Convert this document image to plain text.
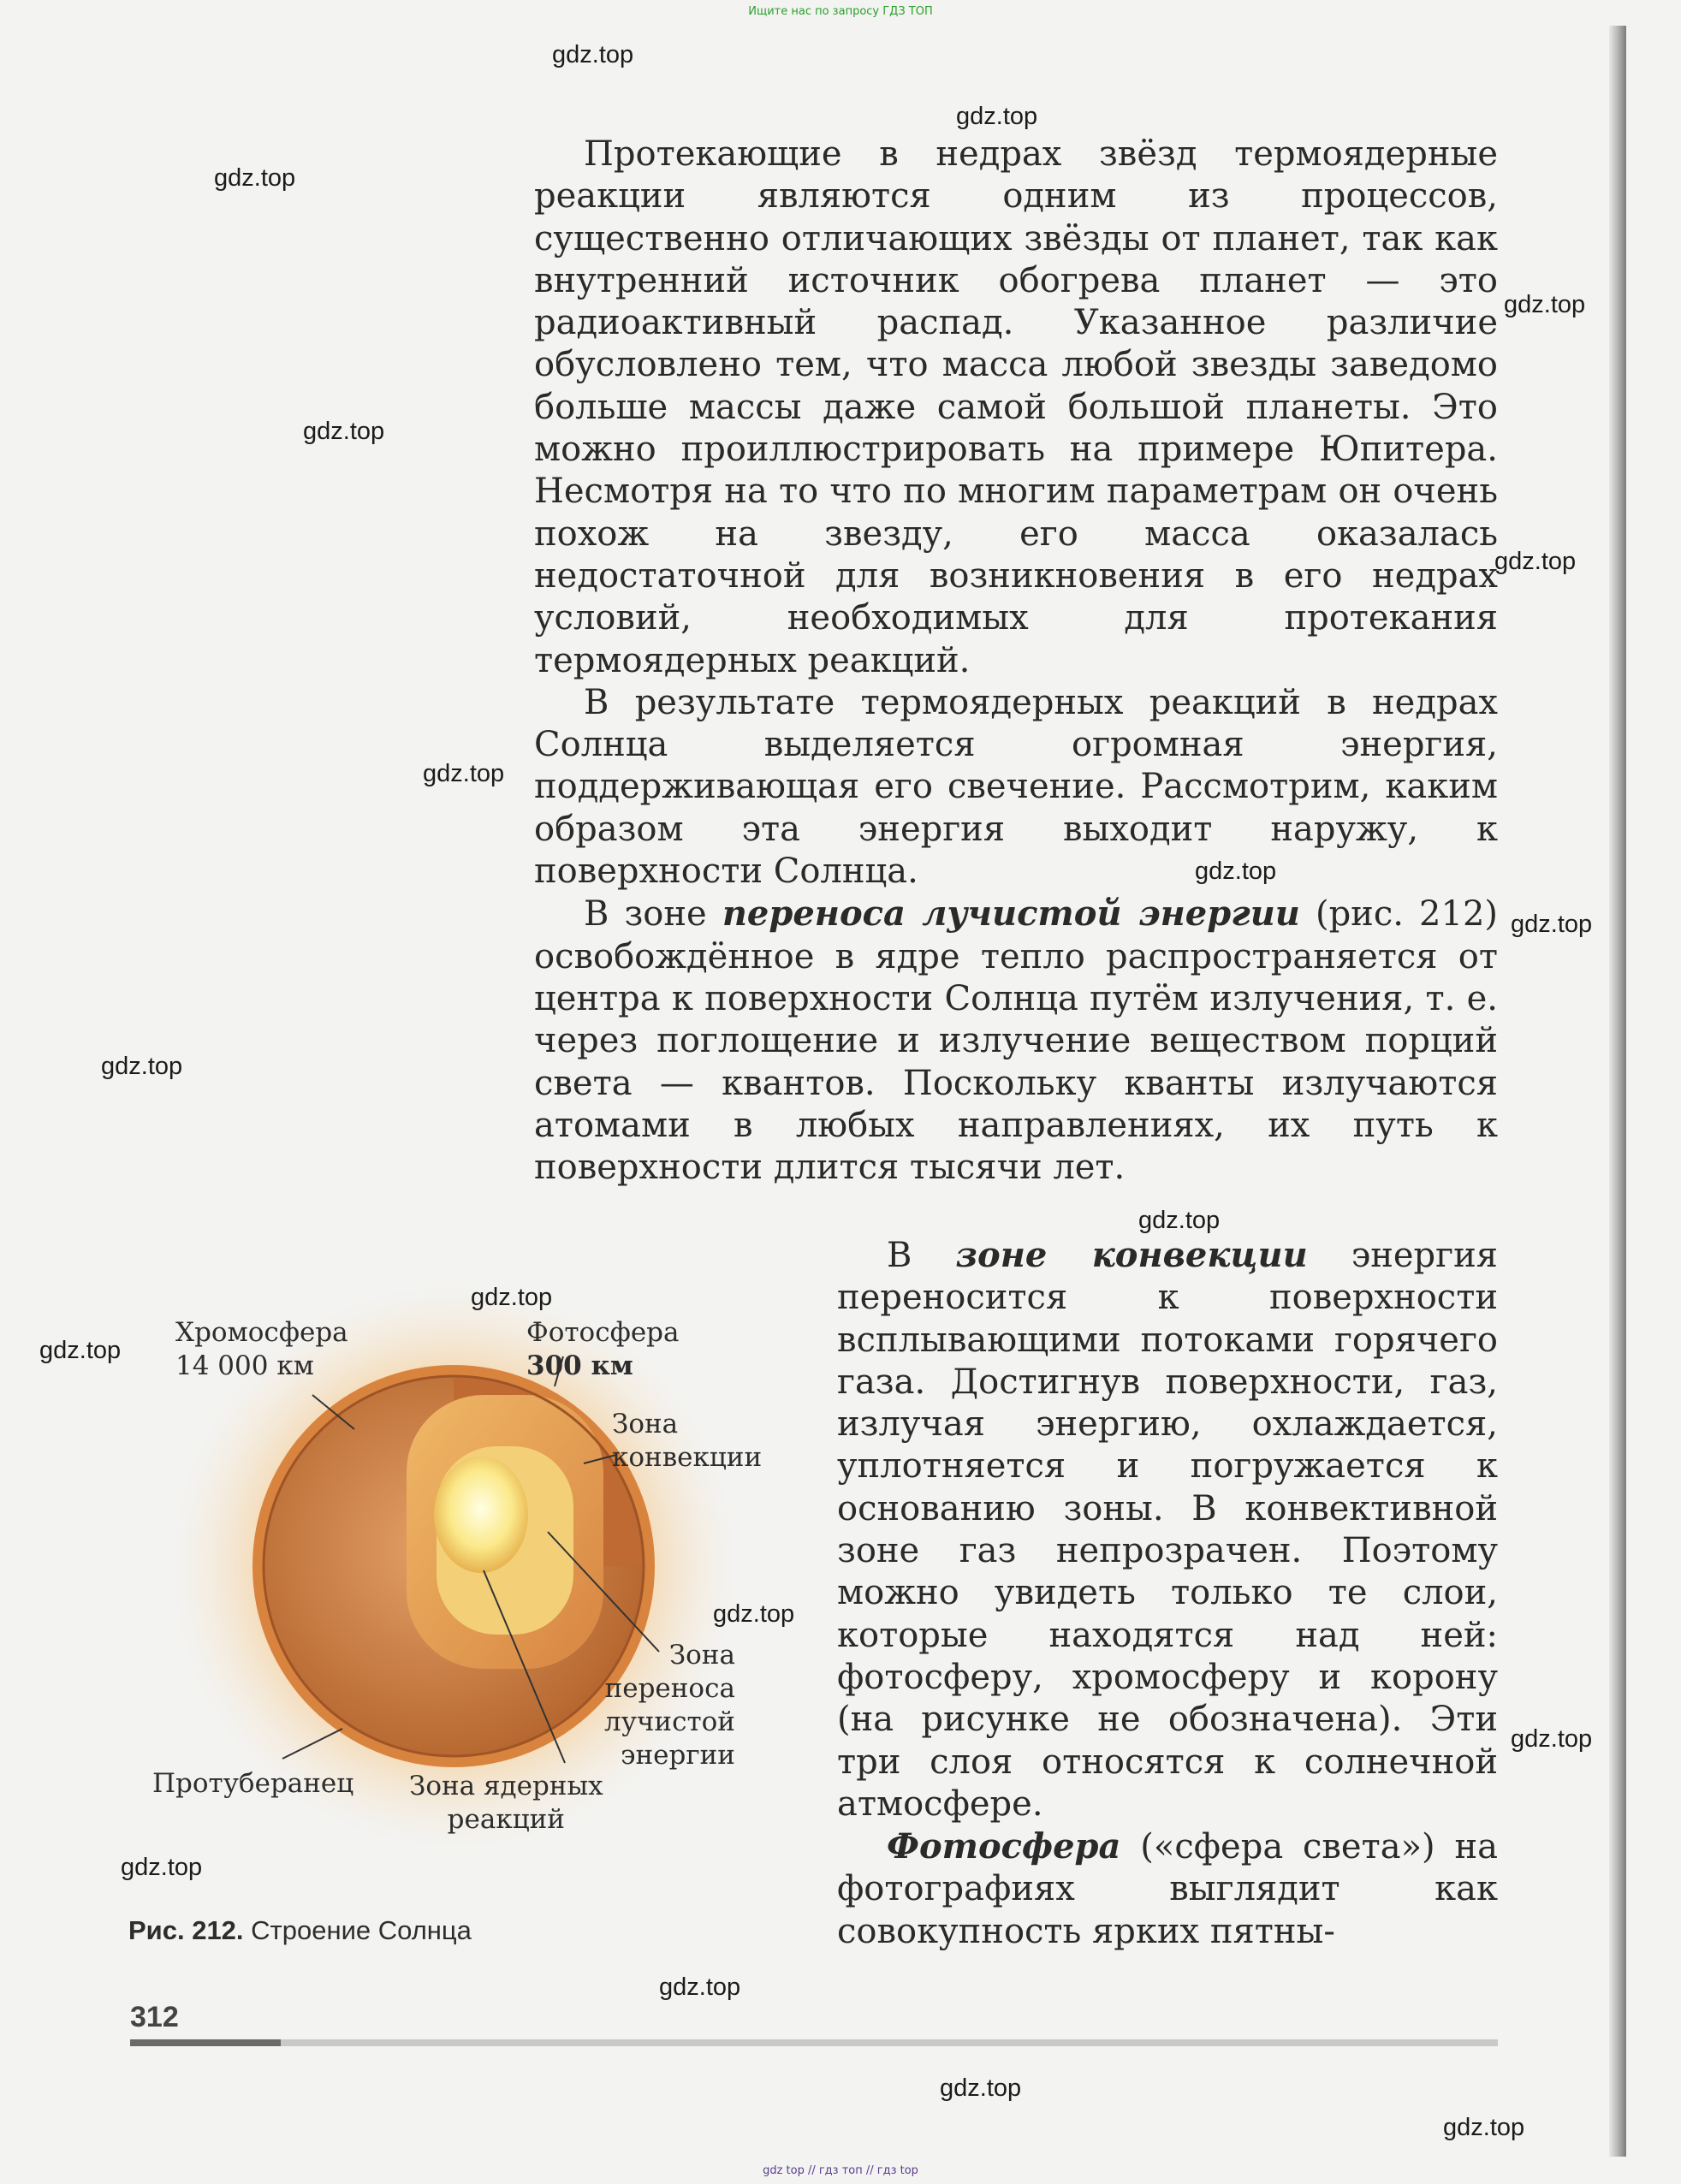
Ищите нас по запросу ГДЗ ТОП

Протекающие в недрах звёзд термоядерные реакции являются одним из процессов, существенно отличающих звёзды от планет, так как внутренний источник обогрева планет — это радиоактивный распад. Указанное различие обусловлено тем, что масса любой звезды заведомо больше массы даже самой большой планеты. Это можно проиллюстрировать на примере Юпитера. Несмотря на то что по многим параметрам он очень похож на звезду, его масса оказалась недостаточной для возникновения в его недрах условий, необходимых для протекания термоядерных реакций.

В результате термоядерных реакций в недрах Солнца выделяется огромная энергия, поддерживающая его свечение. Рассмотрим, каким образом эта энергия выходит наружу, к поверхности Солнца.

В зоне переноса лучистой энергии (рис. 212) освобождённое в ядре тепло распространяется от центра к поверхности Солнца путём излучения, т. е. через поглощение и излучение веществом порций света — квантов. Поскольку кванты излучаются атомами в любых направлениях, их путь к поверхности длится тысячи лет.

В зоне конвекции энергия переносится к поверхности всплывающими потоками горячего газа. Достигнув поверхности, газ, излучая энергию, охлаждается, уплотняется и погружается к основанию зоны. В конвективной зоне газ непрозрачен. Поэтому можно увидеть только те слои, которые находятся над ней: фотосферу, хромосферу и корону (на рисунке не обозначена). Эти три слоя относятся к солнечной атмосфере.

Фотосфера («сфера света») на фотографиях выглядит как совокупность ярких пятны-

Хромосфера
14 000 км
Фотосфера
300 км
Зона
конвекции
Зона
переноса
лучистой
энергии
Протуберанец Зона ядерных
реакций
Рис. 212. Строение Солнца
312
gdz.top
gdz.top
gdz.top
gdz.top
gdz.top
gdz.top
gdz.top
gdz.top
gdz.top
gdz.top
gdz.top
gdz.top
gdz.top
gdz.top
gdz.top
gdz.top
gdz.top
gdz.top
gdz.top
gdz top // гдз топ // гдз top
